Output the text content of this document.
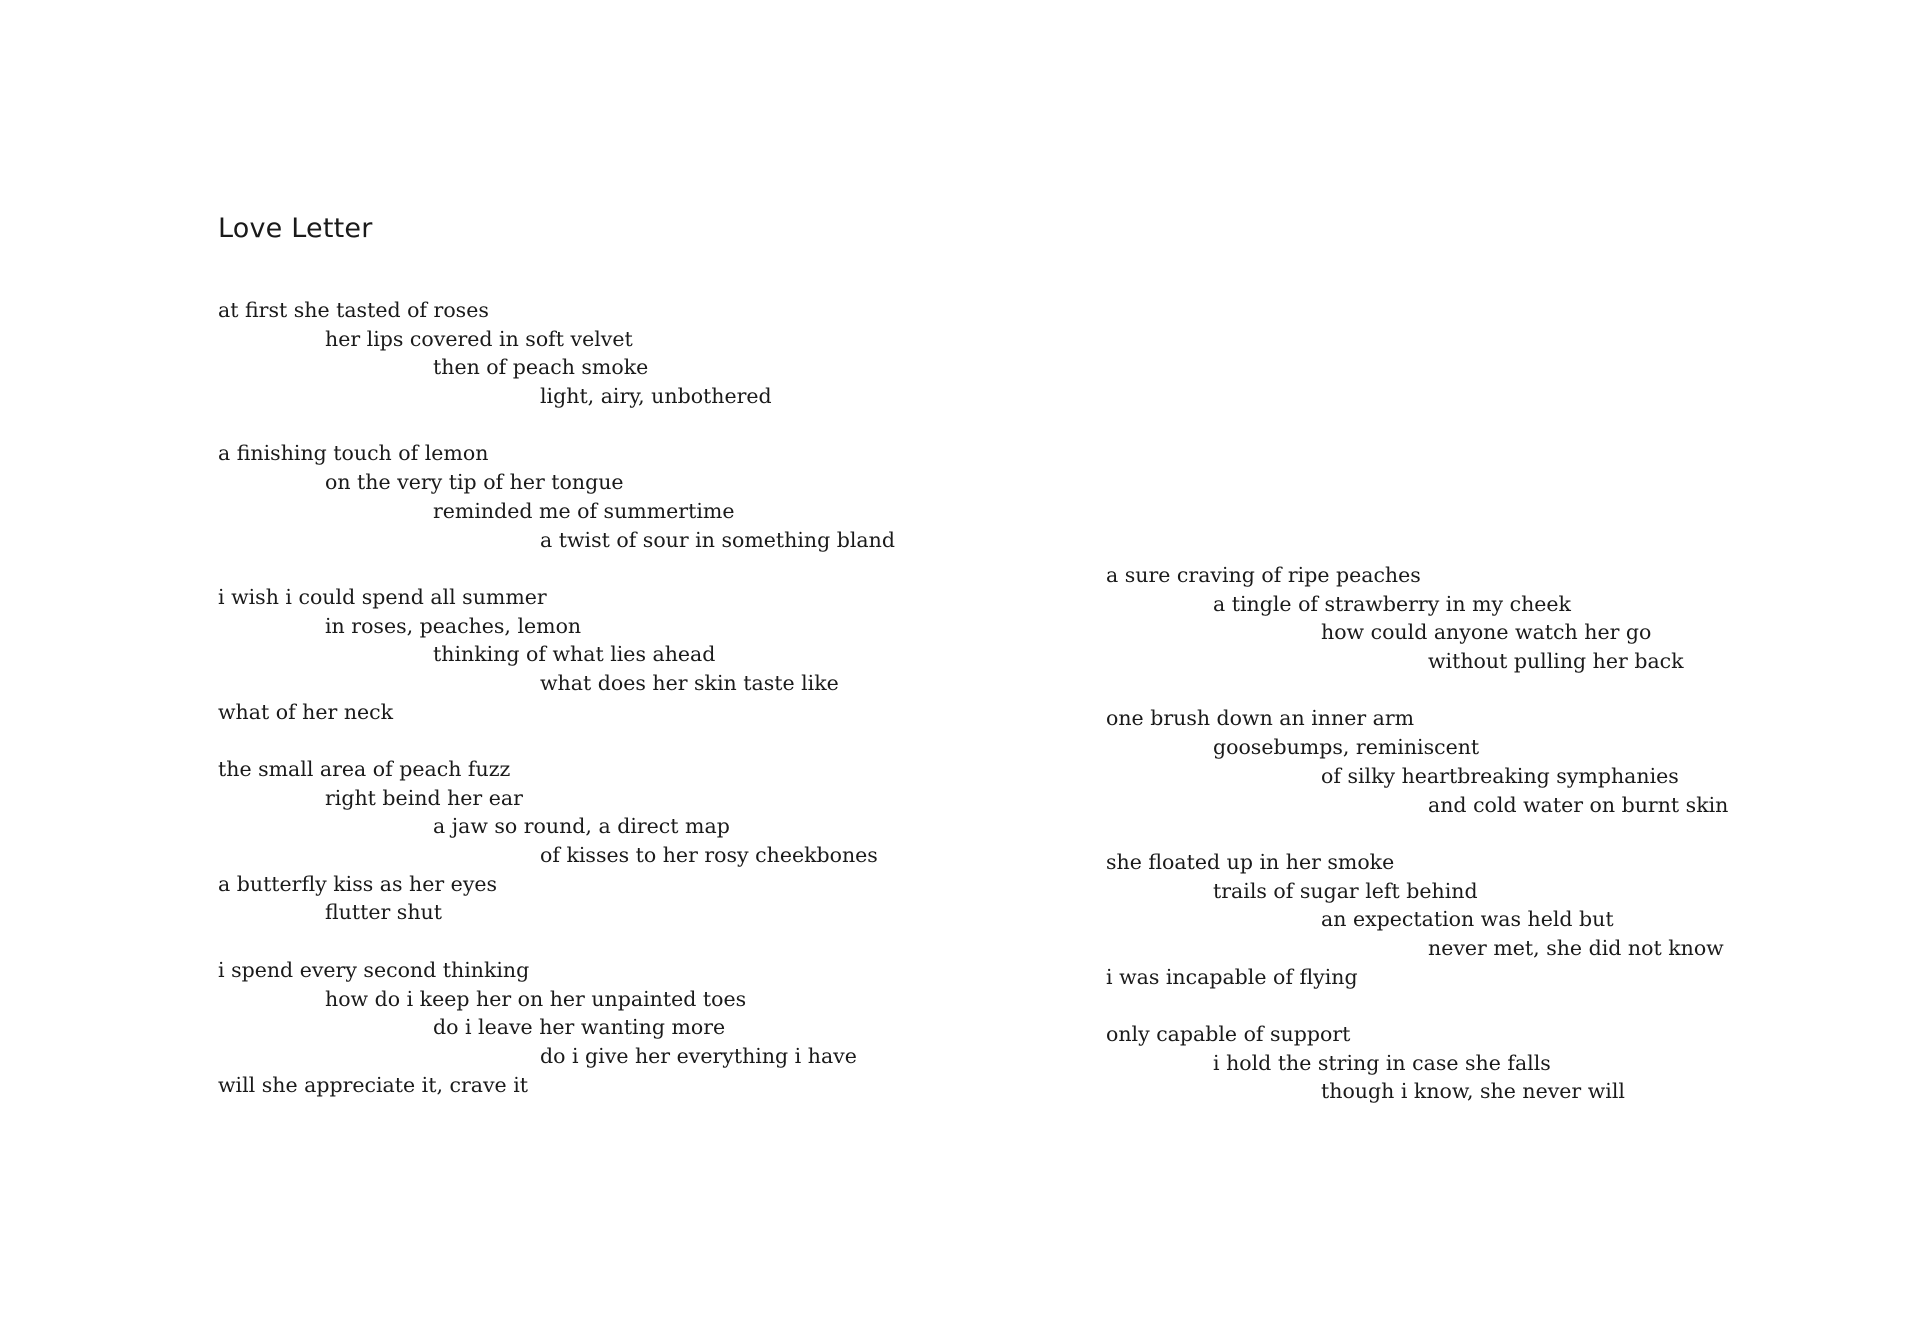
Love Letter
at first she tasted of roses
her lips covered in soft velvet
then of peach smoke
light, airy, unbothered
a finishing touch of lemon
on the very tip of her tongue
reminded me of summertime
a twist of sour in something bland
i wish i could spend all summer
in roses, peaches, lemon
thinking of what lies ahead
what does her skin taste like
what of her neck
the small area of peach fuzz
right beind her ear
a jaw so round, a direct map
of kisses to her rosy cheekbones
a butterfly kiss as her eyes
flutter shut
i spend every second thinking
how do i keep her on her unpainted toes
do i leave her wanting more
do i give her everything i have
will she appreciate it, crave it
a sure craving of ripe peaches
a tingle of strawberry in my cheek
how could anyone watch her go
without pulling her back
one brush down an inner arm
goosebumps, reminiscent
of silky heartbreaking symphanies
and cold water on burnt skin
she floated up in her smoke
trails of sugar left behind
an expectation was held but
never met, she did not know
i was incapable of flying
only capable of support
i hold the string in case she falls
though i know, she never will
